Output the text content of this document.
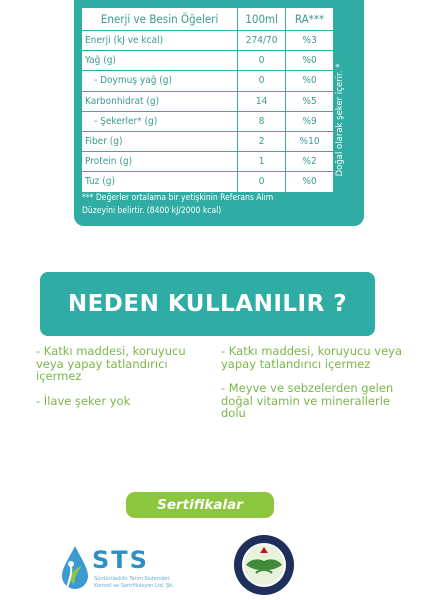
Enerji ve Besin Öğeleri	100ml	RA***
Enerji (kJ ve kcal)	274/70	%3
Yağ (g)	0	%0
- Doymuş yağ (g)	0	%0
Karbonhidrat (g)	14	%5
- Şekerler* (g)	8	%9
Fiber (g)	2	%10
Protein (g)	1	%2
Tuz (g)	0	%0
Doğal olarak şeker içerir. *
*** Değerler ortalama bir yetişkinin Referans Alım
Düzeyini belirtir. (8400 kJ/2000 kcal)
NEDEN KULLANILIR ?
- Katkı maddesi, koruyucu veya yapay tatlandırıcı içermez
- İlave şeker yok
- Katkı maddesi, koruyucu veya yapay tatlandırıcı içermez
- Meyve ve sebzelerden gelen doğal vitamin ve minerallerle dolu
Sertifikalar
STS
Sürdürülebilir Tarım Sistemleri
Kontrol ve Sertifikasyon Ltd. Şti.
